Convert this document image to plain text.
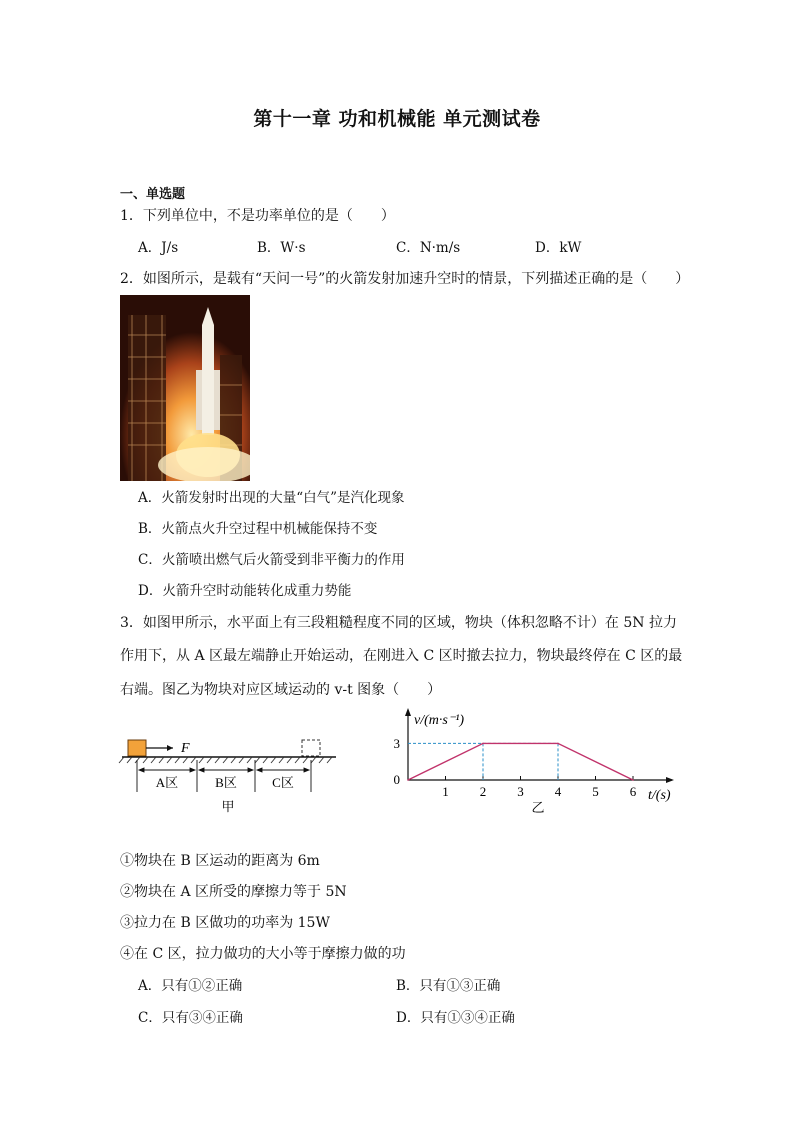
第十一章 功和机械能 单元测试卷
一、单选题
1．下列单位中，不是功率单位的是（　　）
A．J/s	B．W·s	C．N·m/s	D．kW
2．如图所示，是载有“天问一号”的火箭发射加速升空时的情景，下列描述正确的是（　　）
A．火箭发射时出现的大量“白气”是汽化现象
B．火箭点火升空过程中机械能保持不变
C．火箭喷出燃气后火箭受到非平衡力的作用
D．火箭升空时动能转化成重力势能
3．如图甲所示，水平面上有三段粗糙程度不同的区域，物块（体积忽略不计）在 5N 拉力
作用下，从 A 区最左端静止开始运动，在刚进入 C 区时撤去拉力，物块最终停在 C 区的最
右端。图乙为物块对应区域运动的 v-t 图象（　　）
F
A区	B区	C区
甲
v/(m·s⁻¹)
t/(s)
0
3
1 2 3 4 5 6
乙
①物块在 B 区运动的距离为 6m
②物块在 A 区所受的摩擦力等于 5N
③拉力在 B 区做功的功率为 15W
④在 C 区，拉力做功的大小等于摩擦力做的功
A．只有①②正确	B．只有①③正确
C．只有③④正确	D．只有①③④正确
